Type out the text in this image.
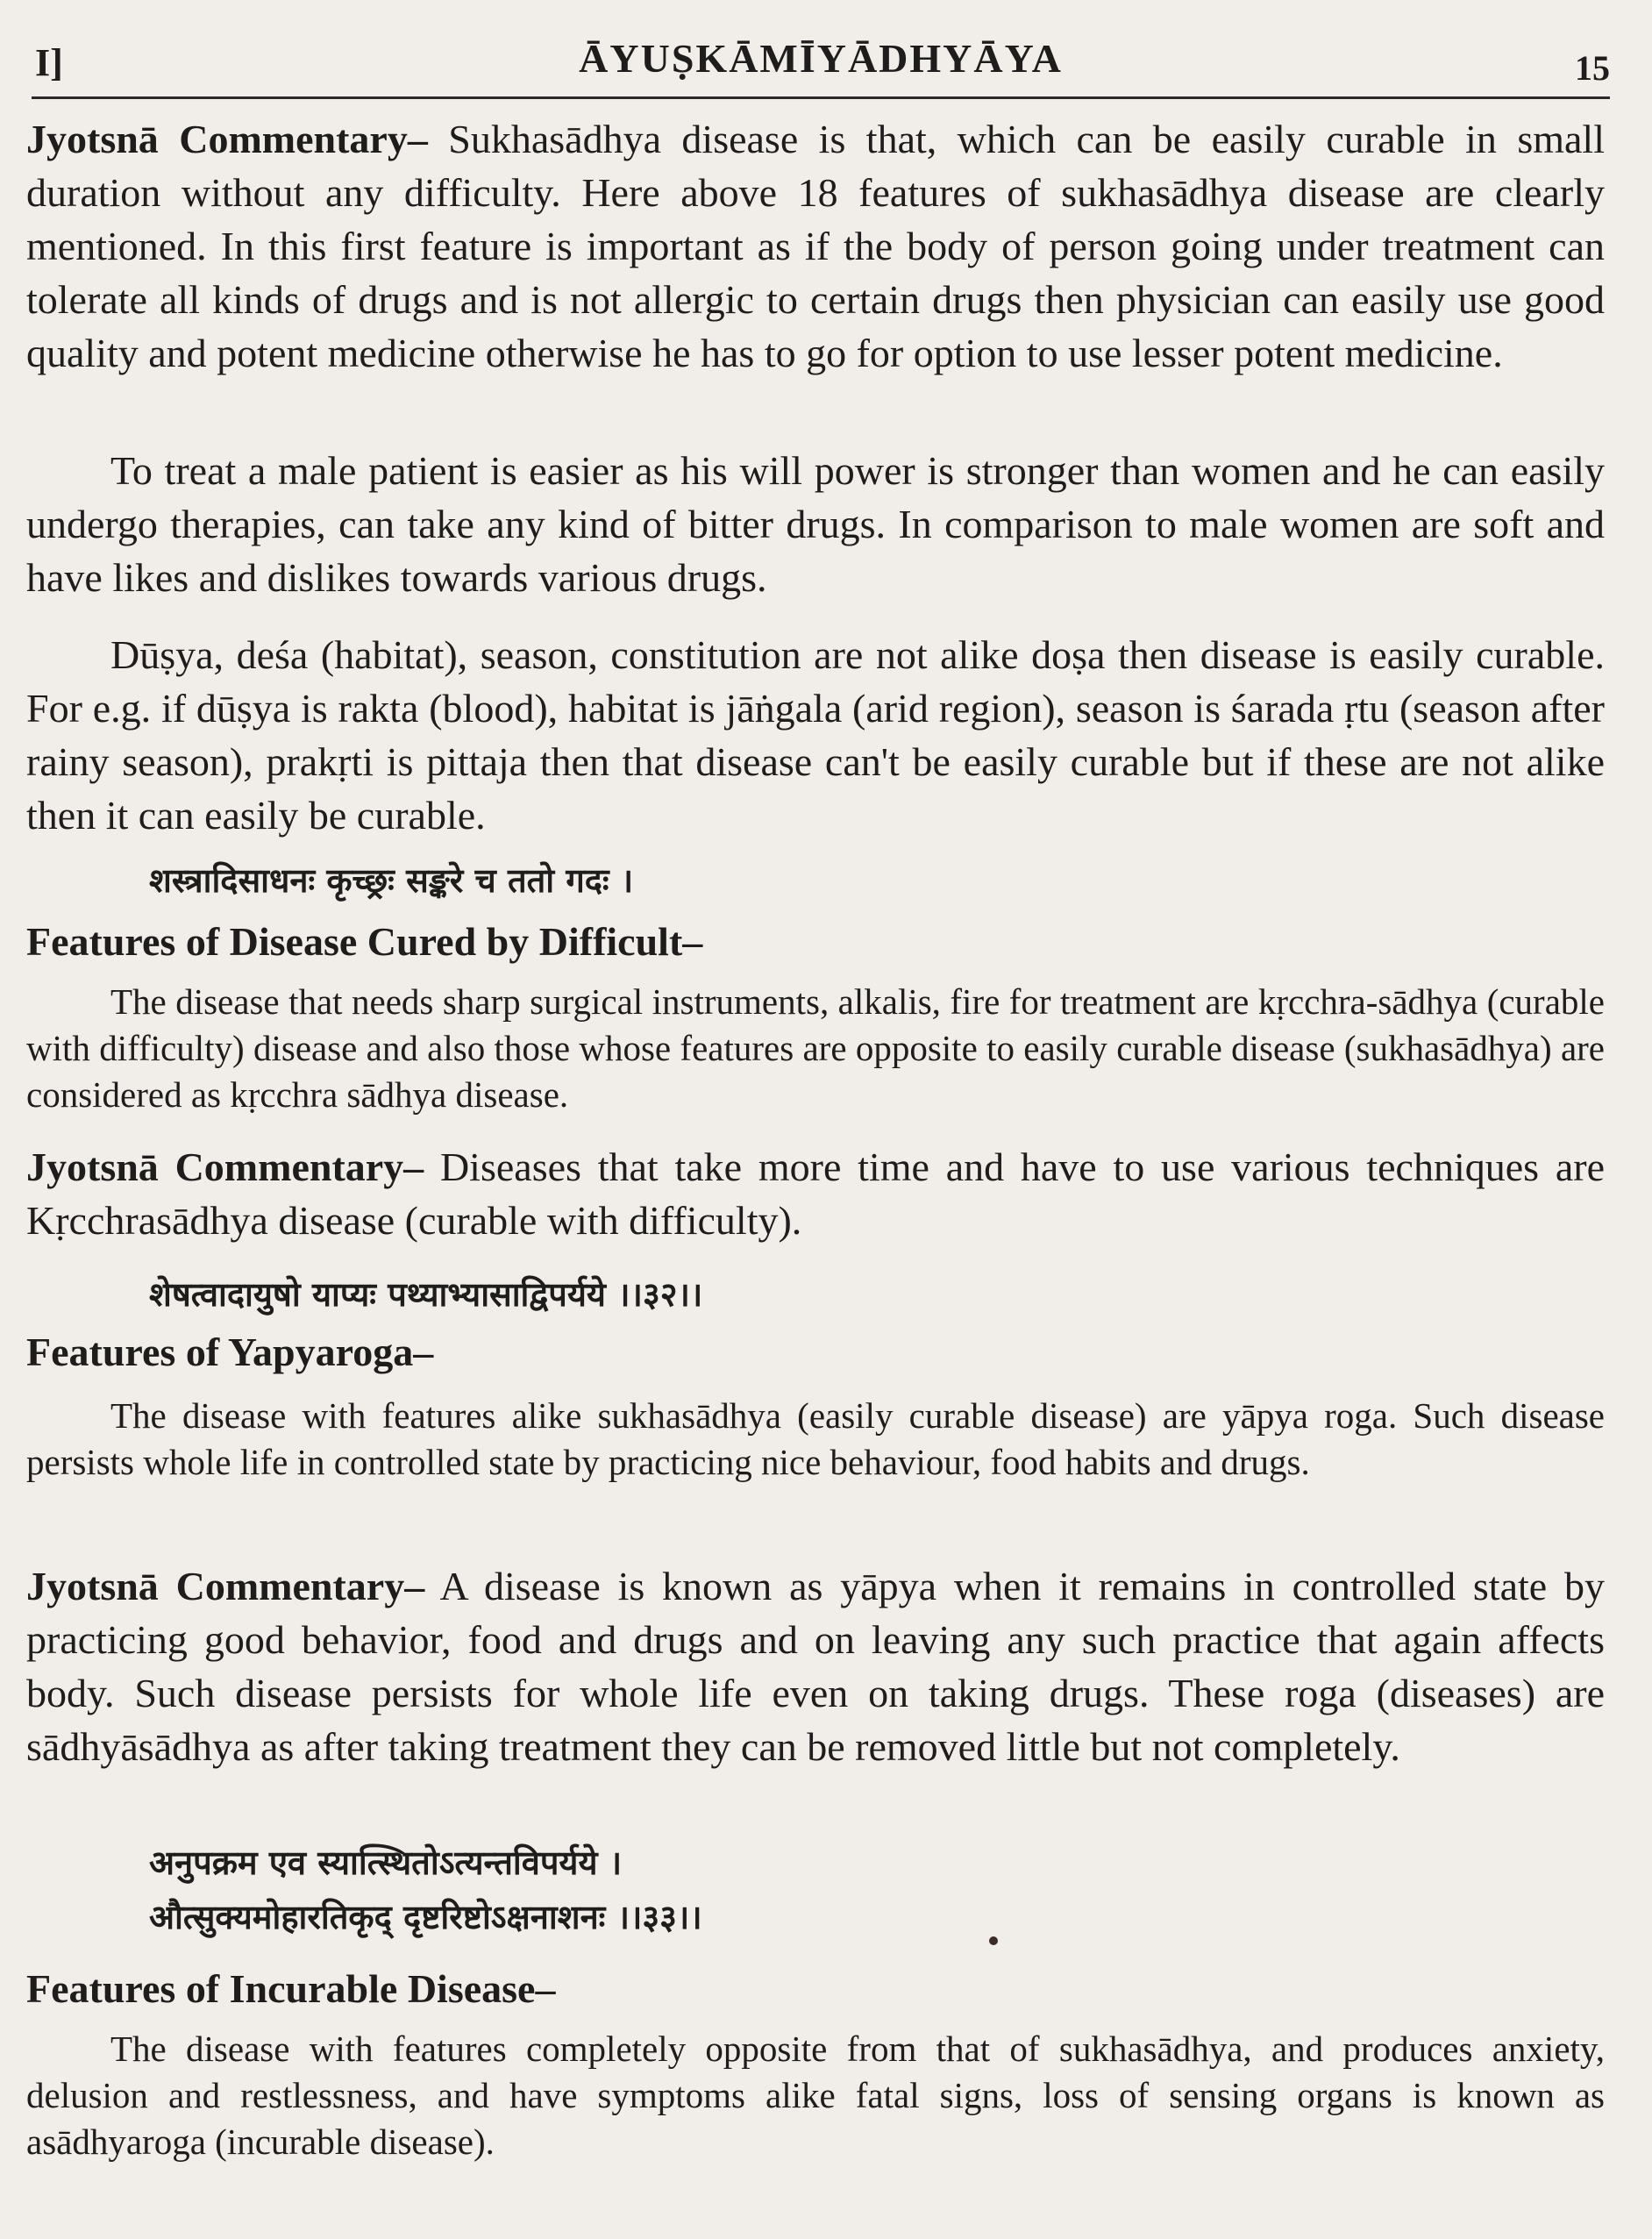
I]	ĀYUṢKĀMĪYĀDHYĀYA	15
Jyotsnā Commentary– Sukhasādhya disease is that, which can be easily curable in small duration without any difficulty. Here above 18 features of sukhasādhya disease are clearly mentioned. In this first feature is important as if the body of person going under treatment can tolerate all kinds of drugs and is not allergic to certain drugs then physician can easily use good quality and potent medicine otherwise he has to go for option to use lesser potent medicine.
To treat a male patient is easier as his will power is stronger than women and he can easily undergo therapies, can take any kind of bitter drugs. In comparison to male women are soft and have likes and dislikes towards various drugs.
Dūṣya, deśa (habitat), season, constitution are not alike doṣa then disease is easily curable. For e.g. if dūṣya is rakta (blood), habitat is jāṅgala (arid region), season is śarada ṛtu (season after rainy season), prakṛti is pittaja then that disease can't be easily curable but if these are not alike then it can easily be curable.
शस्त्रादिसाधनः कृच्छ्रः सङ्करे च ततो गदः ।
Features of Disease Cured by Difficult–
The disease that needs sharp surgical instruments, alkalis, fire for treatment are kṛcchra-sādhya (curable with difficulty) disease and also those whose features are opposite to easily curable disease (sukhasādhya) are considered as kṛcchra sādhya disease.
Jyotsnā Commentary– Diseases that take more time and have to use various techniques are Kṛcchrasādhya disease (curable with difficulty).
शेषत्वादायुषो याप्यः पथ्याभ्यासाद्विपर्यये ।।३२।।
Features of Yapyaroga–
The disease with features alike sukhasādhya (easily curable disease) are yāpya roga. Such disease persists whole life in controlled state by practicing nice behaviour, food habits and drugs.
Jyotsnā Commentary– A disease is known as yāpya when it remains in controlled state by practicing good behavior, food and drugs and on leaving any such practice that again affects body. Such disease persists for whole life even on taking drugs. These roga (diseases) are sādhyāsādhya as after taking treatment they can be removed little but not completely.
अनुपक्रम एव स्यात्स्थितोऽत्यन्तविपर्यये ।
औत्सुक्यमोहारतिकृद् दृष्टरिष्टोऽक्षनाशनः ।।३३।।
Features of Incurable Disease–
The disease with features completely opposite from that of sukhasādhya, and produces anxiety, delusion and restlessness, and have symptoms alike fatal signs, loss of sensing organs is known as asādhyaroga (incurable disease).
